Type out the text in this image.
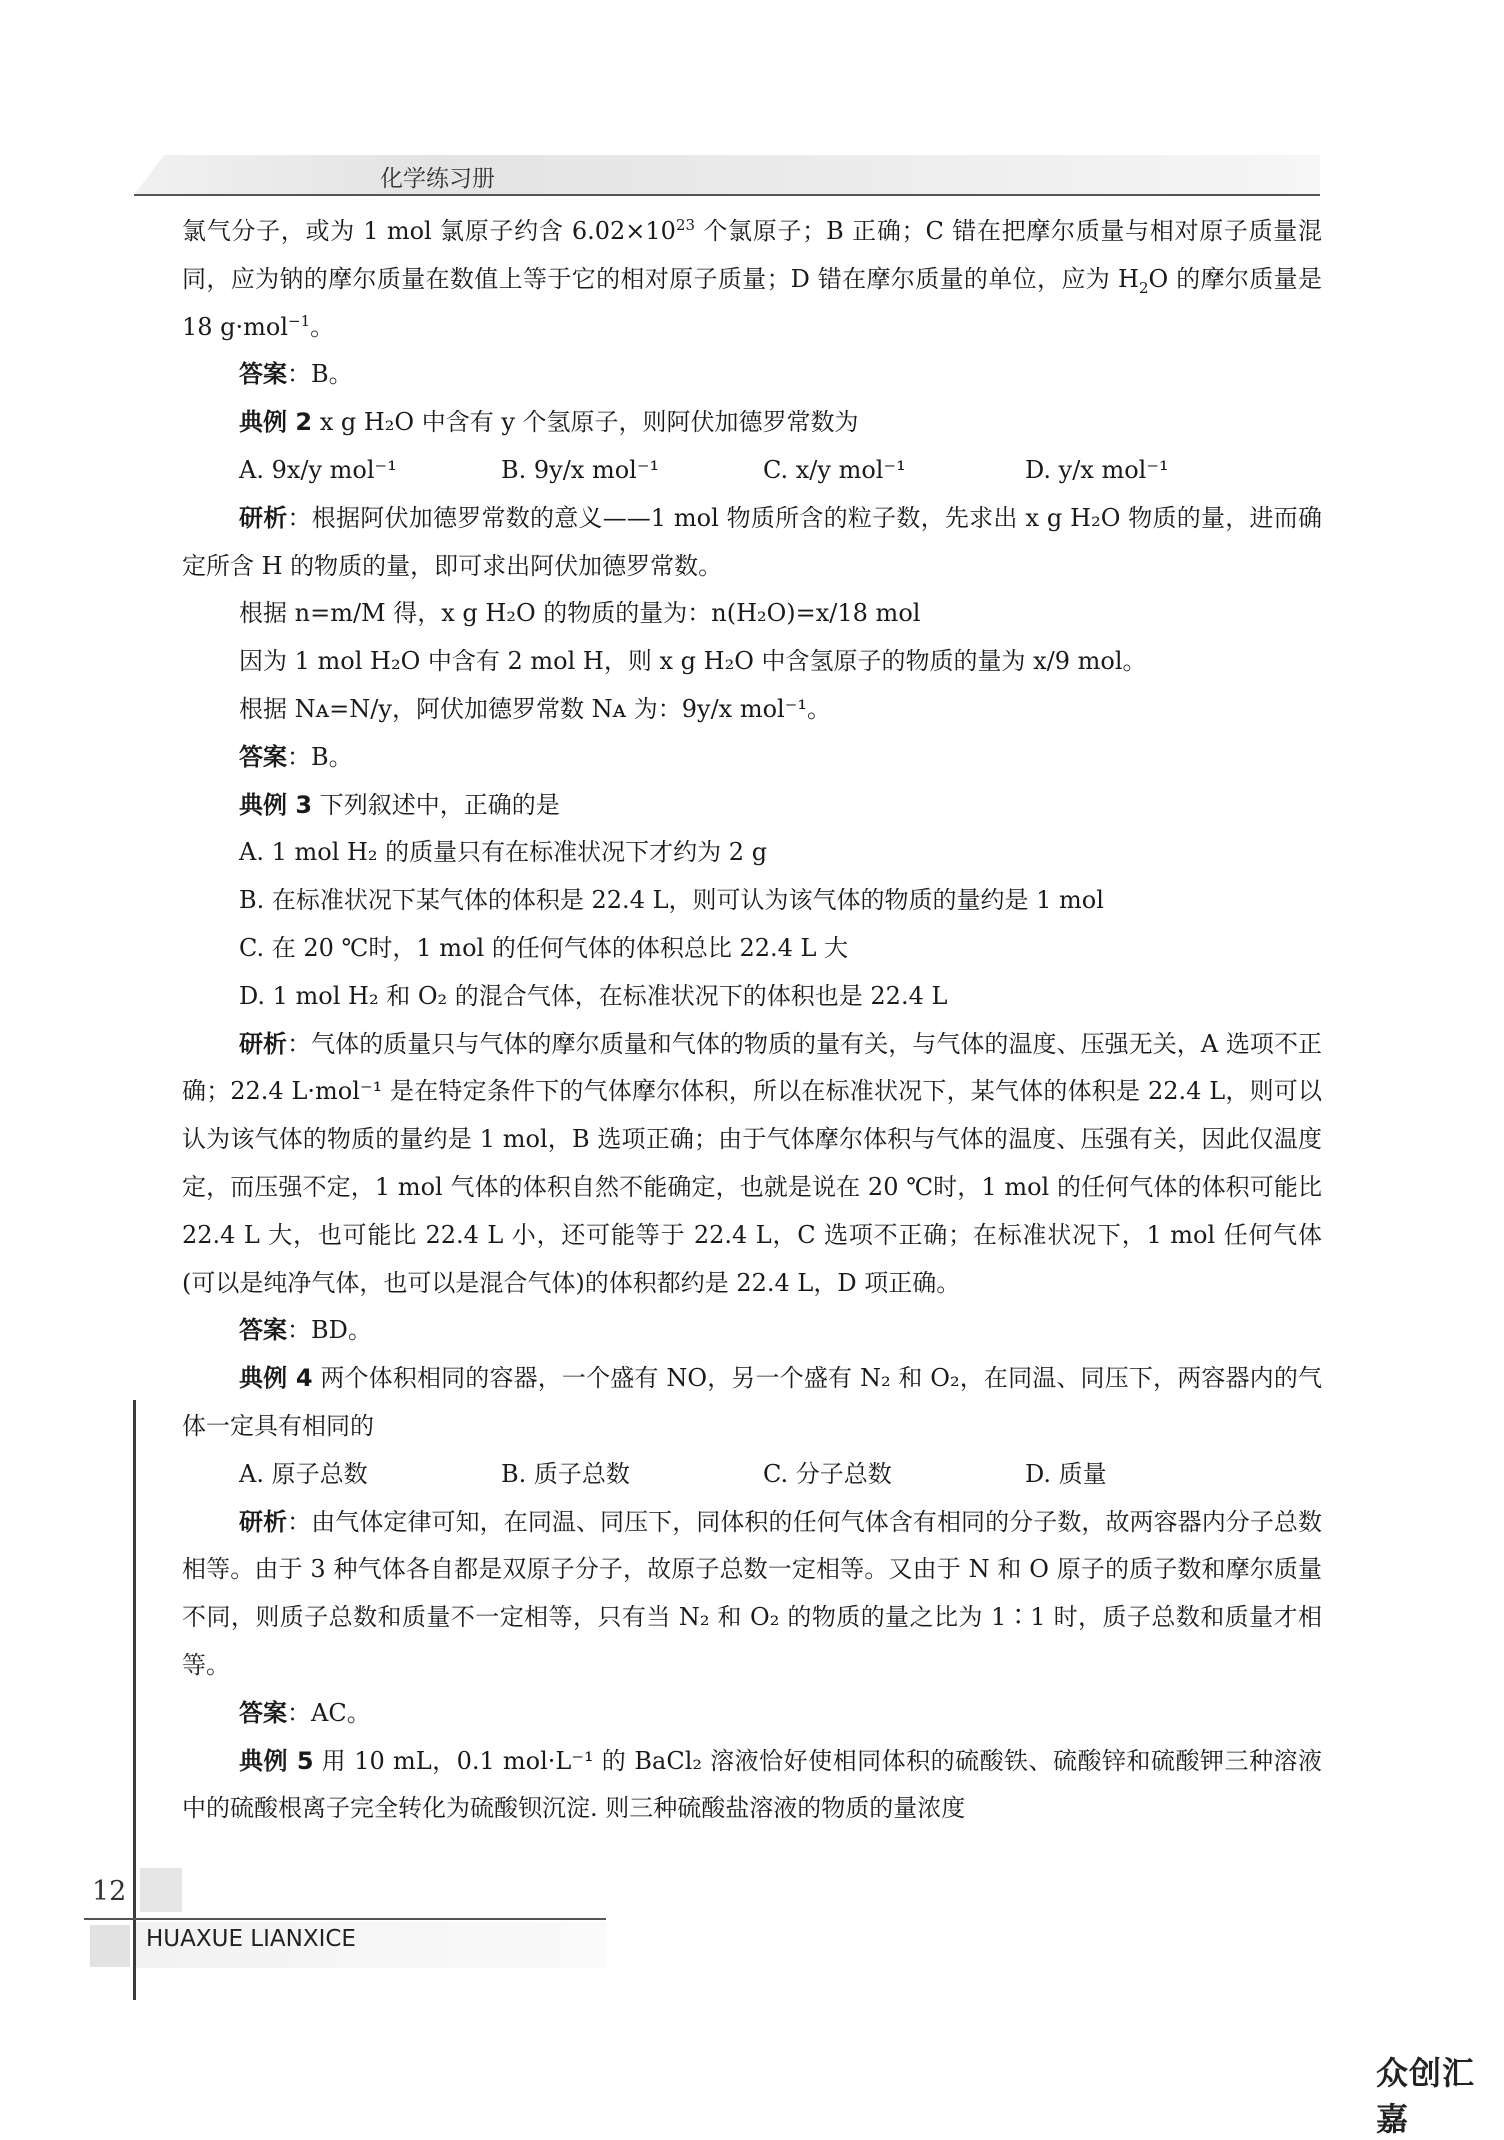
化学练习册

氯气分子，或为 1 mol 氯原子约含 $6.02\times 10^{23}$ 个氯原子；B 正确；C 错在把摩尔质量与相对原子质量混同，应为钠的摩尔质量在数值上等于它的相对原子质量；D 错在摩尔质量的单位，应为 $H_2O$ 的摩尔质量是 18 g·mol$^{-1}$。

答案：B。

典例 2 x g H₂O 中含有 y 个氢原子，则阿伏加德罗常数为

A. 9x/y mol⁻¹	B. 9y/x mol⁻¹	C. x/y mol⁻¹	D. y/x mol⁻¹

研析：根据阿伏加德罗常数的意义——1 mol 物质所含的粒子数，先求出 x g H₂O 物质的量，进而确定所含 H 的物质的量，即可求出阿伏加德罗常数。

根据 n=m/M 得，x g H₂O 的物质的量为：n(H₂O)=x/18 mol

因为 1 mol H₂O 中含有 2 mol H，则 x g H₂O 中含氢原子的物质的量为 x/9 mol。

根据 Nᴀ=N/y，阿伏加德罗常数 Nᴀ 为：9y/x mol⁻¹。

答案：B。

典例 3 下列叙述中，正确的是

A. 1 mol H₂ 的质量只有在标准状况下才约为 2 g

B. 在标准状况下某气体的体积是 22.4 L，则可认为该气体的物质的量约是 1 mol

C. 在 20 ℃时，1 mol 的任何气体的体积总比 22.4 L 大

D. 1 mol H₂ 和 O₂ 的混合气体，在标准状况下的体积也是 22.4 L

研析：气体的质量只与气体的摩尔质量和气体的物质的量有关，与气体的温度、压强无关，A 选项不正确；22.4 L·mol⁻¹ 是在特定条件下的气体摩尔体积，所以在标准状况下，某气体的体积是 22.4 L，则可以认为该气体的物质的量约是 1 mol，B 选项正确；由于气体摩尔体积与气体的温度、压强有关，因此仅温度定，而压强不定，1 mol 气体的体积自然不能确定，也就是说在 20 ℃时，1 mol 的任何气体的体积可能比 22.4 L 大，也可能比 22.4 L 小，还可能等于 22.4 L，C 选项不正确；在标准状况下，1 mol 任何气体(可以是纯净气体，也可以是混合气体)的体积都约是 22.4 L，D 项正确。

答案：BD。

典例 4 两个体积相同的容器，一个盛有 NO，另一个盛有 N₂ 和 O₂，在同温、同压下，两容器内的气体一定具有相同的

A. 原子总数	B. 质子总数	C. 分子总数	D. 质量

研析：由气体定律可知，在同温、同压下，同体积的任何气体含有相同的分子数，故两容器内分子总数相等。由于 3 种气体各自都是双原子分子，故原子总数一定相等。又由于 N 和 O 原子的质子数和摩尔质量不同，则质子总数和质量不一定相等，只有当 N₂ 和 O₂ 的物质的量之比为 1∶1 时，质子总数和质量才相等。

答案：AC。

典例 5 用 10 mL，0.1 mol·L⁻¹ 的 BaCl₂ 溶液恰好使相同体积的硫酸铁、硫酸锌和硫酸钾三种溶液中的硫酸根离子完全转化为硫酸钡沉淀. 则三种硫酸盐溶液的物质的量浓度

12
HUAXUE LIANXICE
众创汇嘉
